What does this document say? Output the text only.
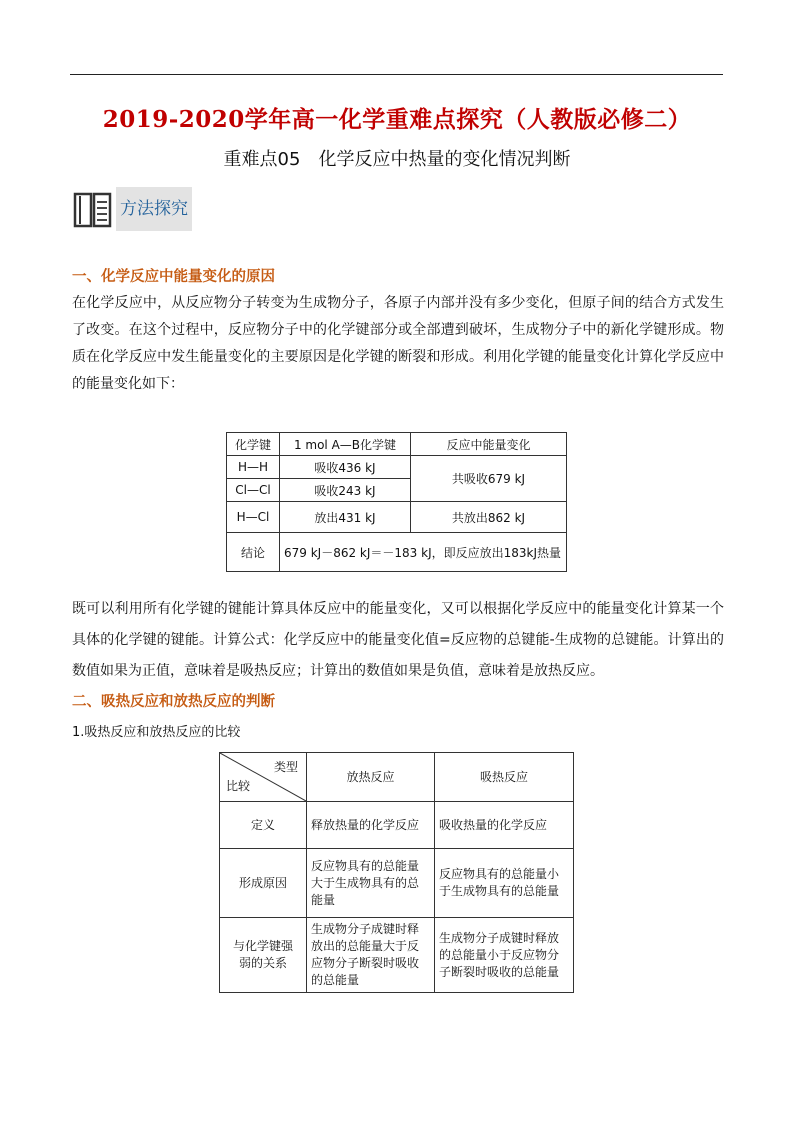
2019-2020学年高一化学重难点探究（人教版必修二）
重难点05 化学反应中热量的变化情况判断
方法探究
一、化学反应中能量变化的原因
在化学反应中，从反应物分子转变为生成物分子，各原子内部并没有多少变化，但原子间的结合方式发生了改变。在这个过程中，反应物分子中的化学键部分或全部遭到破坏，生成物分子中的新化学键形成。物质在化学反应中发生能量变化的主要原因是化学键的断裂和形成。利用化学键的能量变化计算化学反应中的能量变化如下：
化学键	1 mol A—B化学键	反应中能量变化
H—H	吸收436 kJ	共吸收679 kJ
Cl—Cl	吸收243 kJ	
H—Cl	放出431 kJ	共放出862 kJ
结论	679 kJ－862 kJ＝－183 kJ，即反应放出183kJ热量	
既可以利用所有化学键的键能计算具体反应中的能量变化，又可以根据化学反应中的能量变化计算某一个具体的化学键的键能。计算公式：化学反应中的能量变化值=反应物的总键能-生成物的总键能。计算出的数值如果为正值，意味着是吸热反应；计算出的数值如果是负值，意味着是放热反应。
二、吸热反应和放热反应的判断
1.吸热反应和放热反应的比较
类型
比较	放热反应	吸热反应
定义	释放热量的化学反应	吸收热量的化学反应
形成原因	反应物具有的总能量大于生成物具有的总能量	反应物具有的总能量小于生成物具有的总能量
与化学键强弱的关系	生成物分子成键时释放出的总能量大于反应物分子断裂时吸收的总能量	生成物分子成键时释放的总能量小于反应物分子断裂时吸收的总能量
